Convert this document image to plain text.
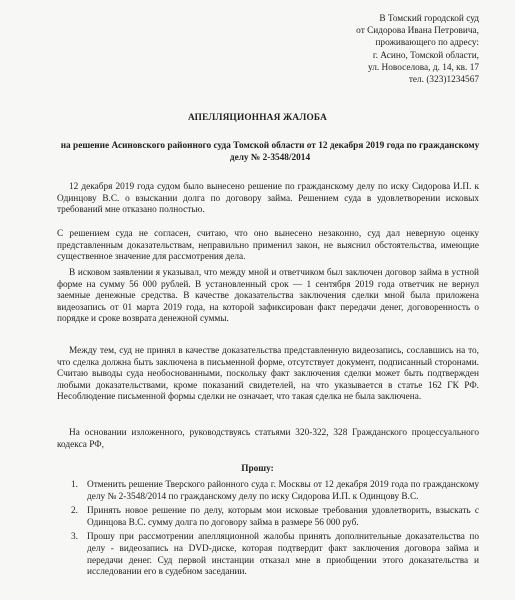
В Томский городской суд
от Сидорова Ивана Петровича,
проживающего по адресу:
г. Асино, Томской области,
ул. Новоселова, д. 14, кв. 17
тел. (323)1234567
АПЕЛЛЯЦИОННАЯ ЖАЛОБА
на решение Асиновского районного суда Томской области от 12 декабря 2019 года по гражданскому делу № 2-3548/2014
12 декабря 2019 года судом было вынесено решение по гражданскому делу по иску Сидорова И.П. к Одинцову В.С. о взыскании долга по договору займа. Решением суда в удовлетворении исковых требований мне отказано полностью.
С решением суда не согласен, считаю, что оно вынесено незаконно, суд дал неверную оценку представленным доказательствам, неправильно применил закон, не выяснил обстоятельства, имеющие существенное значение для рассмотрения дела.
В исковом заявлении я указывал, что между мной и ответчиком был заключен договор займа в устной форме на сумму 56 000 рублей. В установленный срок — 1 сентября 2019 года ответчик не вернул заемные денежные средства. В качестве доказательства заключения сделки мной была приложена видеозапись от 01 марта 2019 года, на которой зафиксирован факт передачи денег, договоренность о порядке и сроке возврата денежной суммы.
Между тем, суд не принял в качестве доказательства представленную видеозапись, сославшись на то, что сделка должна быть заключена в письменной форме, отсутствует документ, подписанный сторонами. Считаю выводы суда необоснованными, поскольку факт заключения сделки может быть подтвержден любыми доказательствами, кроме показаний свидетелей, на что указывается в статье 162 ГК РФ. Несоблюдение письменной формы сделки не означает, что такая сделка не была заключена.
На основании изложенного, руководствуясь статьями 320-322, 328 Гражданского процессуального кодекса РФ,
Прошу:
1. Отменить решение Тверского районного суда г. Москвы от 12 декабря 2019 года по гражданскому делу № 2-3548/2014 по гражданскому делу по иску Сидорова И.П. к Одинцову В.С.
2. Принять новое решение по делу, которым мои исковые требования удовлетворить, взыскать с Одинцова В.С. сумму долга по договору займа в размере 56 000 руб.
3. Прошу при рассмотрении апелляционной жалобы принять дополнительные доказательства по делу - видеозапись на DVD-диске, которая подтвердит факт заключения договора займа и передачи денег. Суд первой инстанции отказал мне в приобщении этого доказательства и исследовании его в судебном заседании.
